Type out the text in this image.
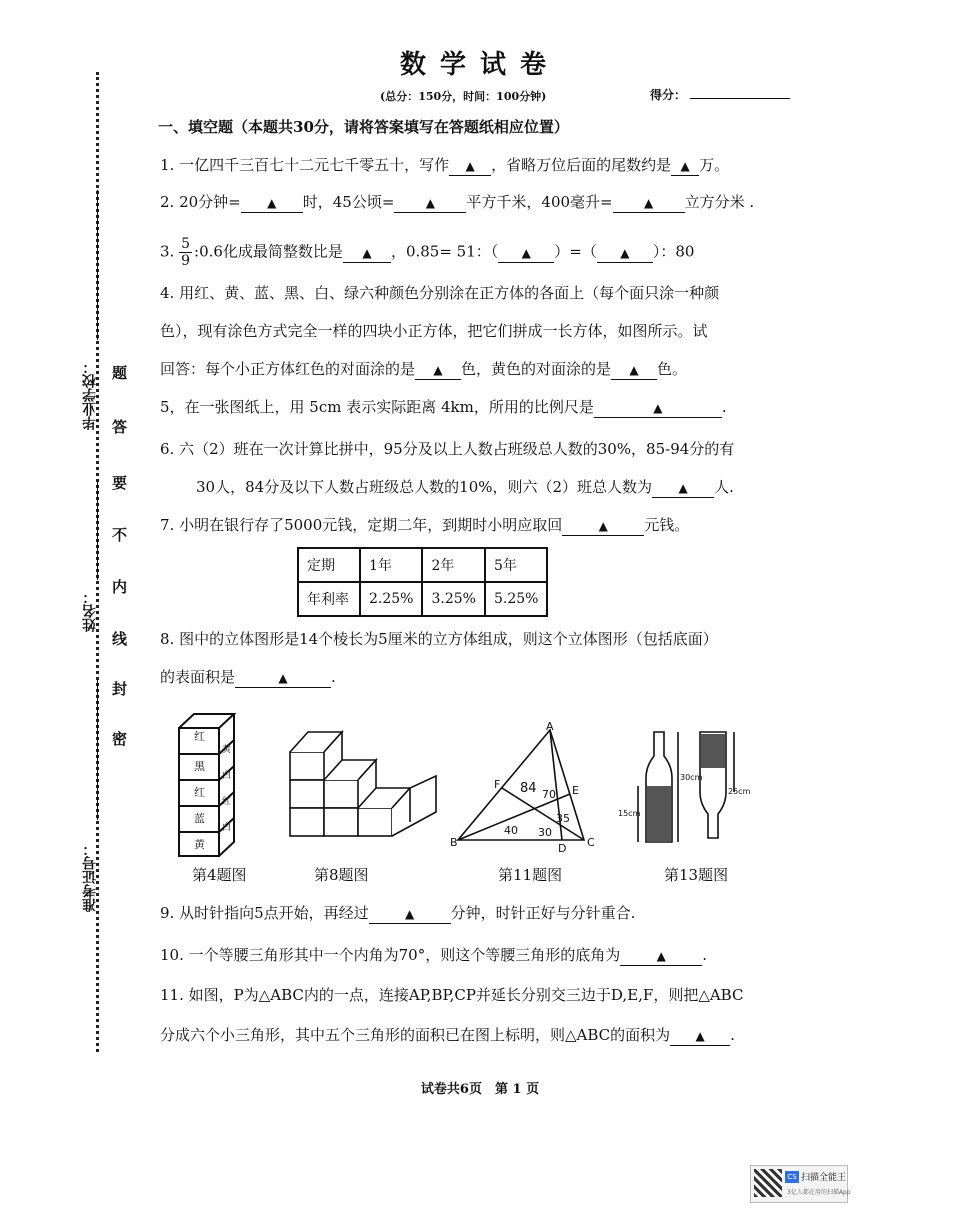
数学试卷
(总分：150分，时间：100分钟)	得分：
毕业学校：
姓名：
准考证号：
密
封
线
内
不
要
答
题
一、填空题（本题共30分，请将答案填写在答题纸相应位置）
1. 一亿四千三百七十二元七千零五十，写作 ▲ ，省略万位后面的尾数约是 ▲ 万。
2. 20分钟= ▲ 时，45公顷=	▲ 平方千米，400毫升=	▲ 立方分米 .
3. $\frac{5}{9}$ :0.6化成最简整数比是 ▲ ，0.85= 51：（ ▲ ）=（ ▲ ）：80
4. 用红、黄、蓝、黑、白、绿六种颜色分别涂在正方体的各面上（每个面只涂一种颜
色），现有涂色方式完全一样的四块小正方体，把它们拼成一长方体，如图所示。试
回答：每个小正方体红色的对面涂的是 ▲ 色，黄色的对面涂的是 ▲ 色。
5，在一张图纸上，用 5cm 表示实际距离 4km，所用的比例尺是	▲	.
6. 六（2）班在一次计算比拼中，95分及以上人数占班级总人数的30%，85-94分的有
30人，84分及以下人数占班级总人数的10%，则六（2）班总人数为 ▲ 人.
7. 小明在银行存了5000元钱，定期二年，到期时小明应取回	▲ 元钱。
定期	1年	2年	5年
年利率	2.25%	3.25%	5.25%
8. 图中的立体图形是14个棱长为5厘米的立方体组成，则这个立体图形（包括底面）
的表面积是	▲	.
红
黑
红
蓝
黄
黄
白
红
白
第4题图	第8题图
A
B	C
D
E
F 84 70
40 30
35
第11题图
30cm
15cm
25cm
第13题图
9. 从时针指向5点开始，再经过	▲ 分钟，时针正好与分针重合.
10. 一个等腰三角形其中一个内角为70°，则这个等腰三角形的底角为	▲ .
11. 如图，P为△ABC内的一点，连接AP,BP,CP并延长分别交三边于D,E,F，则把△ABC
分成六个小三角形，其中五个三角形的面积已在图上标明，则△ABC的面积为 ▲ .
试卷共6页　第 1 页
CS 扫描全能王
3亿人都在用的扫描App
